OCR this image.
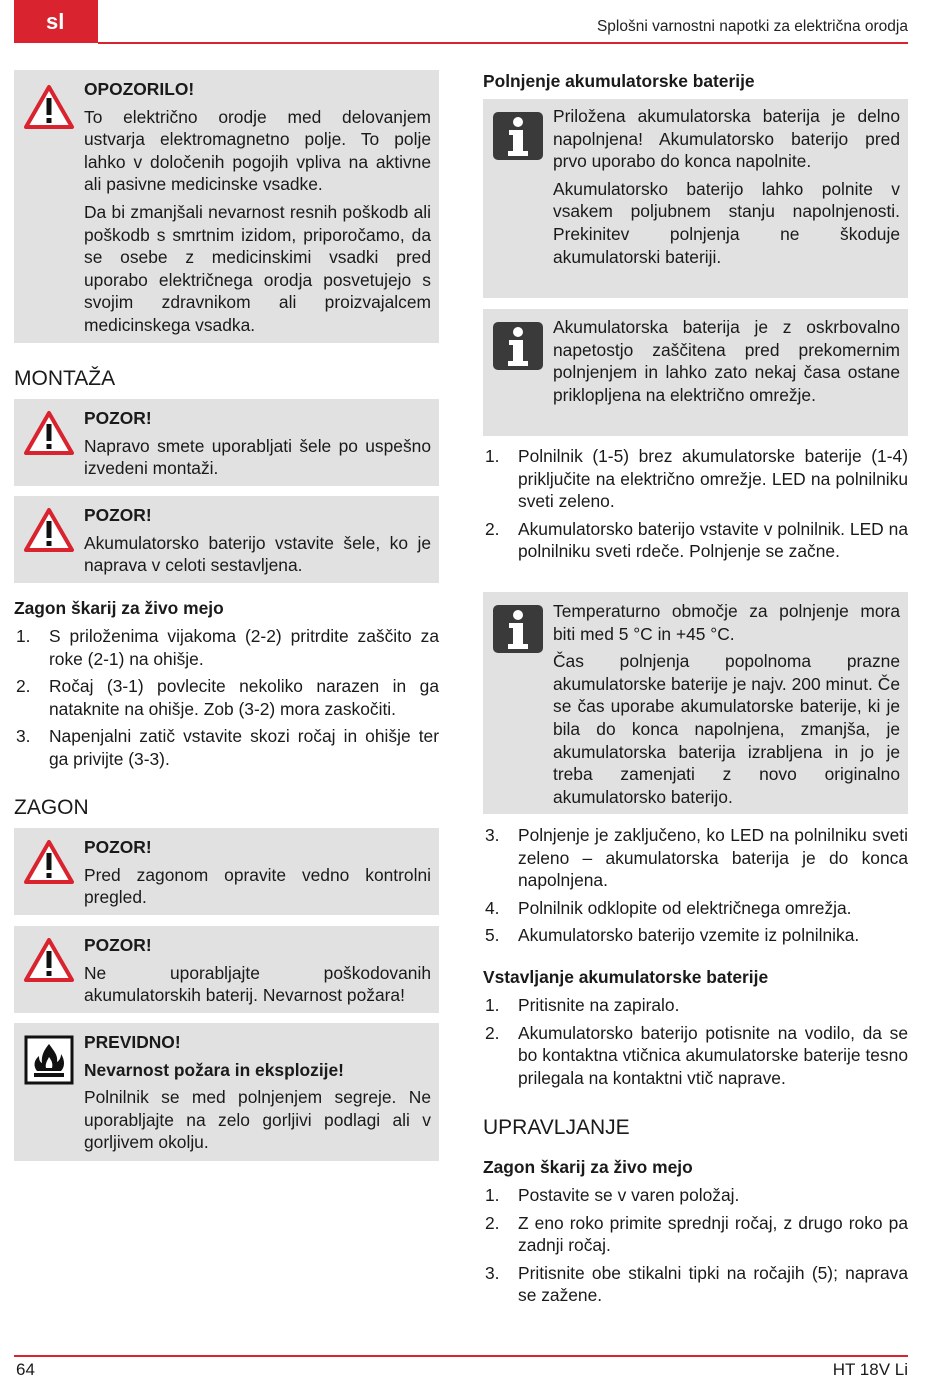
sl	Splošni varnostni napotki za električna orodja

OPOZORILO!

To električno orodje med delovanjem ustvarja elektromagnetno polje. To polje lahko v določenih pogojih vpliva na aktivne ali pasivne medicinske vsadke.

Da bi zmanjšali nevarnost resnih poškodb ali poškodb s smrtnim izidom, priporočamo, da se osebe z medicinskimi vsadki pred uporabo električnega orodja posvetujejo s svojim zdravnikom ali proizvajalcem medicinskega vsadka.

MONTAŽA

POZOR!

Napravo smete uporabljati šele po uspešno izvedeni montaži.

POZOR!

Akumulatorsko baterijo vstavite šele, ko je naprava v celoti sestavljena.

Zagon škarij za živo mejo
1. S priloženima vijakoma (2-2) pritrdite zaščito za roke (2-1) na ohišje.
2. Ročaj (3-1) povlecite nekoliko narazen in ga nataknite na ohišje. Zob (3-2) mora zaskočiti.
3. Napenjalni zatič vstavite skozi ročaj in ohišje ter ga privijte (3-3).
ZAGON

POZOR!

Pred zagonom opravite vedno kontrolni pregled.

POZOR!

Ne uporabljajte poškodovanih akumulatorskih baterij. Nevarnost požara!

PREVIDNO!

Nevarnost požara in eksplozije!

Polnilnik se med polnjenjem segreje. Ne uporabljajte na zelo gorljivi podlagi ali v gorljivem okolju.

Polnjenje akumulatorske baterije

Priložena akumulatorska baterija je delno napolnjena! Akumulatorsko baterijo pred prvo uporabo do konca napolnite.

Akumulatorsko baterijo lahko polnite v vsakem poljubnem stanju napolnjenosti. Prekinitev polnjenja ne škoduje akumulatorski bateriji.

Akumulatorska baterija je z oskrbovalno napetostjo zaščitena pred prekomernim polnjenjem in lahko zato nekaj časa ostane priklopljena na električno omrežje.

1. Polnilnik (1-5) brez akumulatorske baterije (1-4) priključite na električno omrežje. LED na polnilniku sveti zeleno.
2. Akumulatorsko baterijo vstavite v polnilnik. LED na polnilniku sveti rdeče. Polnjenje se začne.

Temperaturno območje za polnjenje mora biti med 5 °C in +45 °C.

Čas polnjenja popolnoma prazne akumulatorske baterije je najv. 200 minut. Če se čas uporabe akumulatorske baterije, ki je bila do konca napolnjena, zmanjša, je akumulatorska baterija izrabljena in jo je treba zamenjati z novo originalno akumulatorsko baterijo.

3. Polnjenje je zaključeno, ko LED na polnilniku sveti zeleno – akumulatorska baterija je do konca napolnjena.
4. Polnilnik odklopite od električnega omrežja.
5. Akumulatorsko baterijo vzemite iz polnilnika.
Vstavljanje akumulatorske baterije
1. Pritisnite na zapiralo.
2. Akumulatorsko baterijo potisnite na vodilo, da se bo kontaktna vtičnica akumulatorske baterije tesno prilegala na kontaktni vtič naprave.
UPRAVLJANJE
Zagon škarij za živo mejo
1. Postavite se v varen položaj.
2. Z eno roko primite sprednji ročaj, z drugo roko pa zadnji ročaj.
3. Pritisnite obe stikalni tipki na ročajih (5); naprava se zažene.
64	HT 18V Li
